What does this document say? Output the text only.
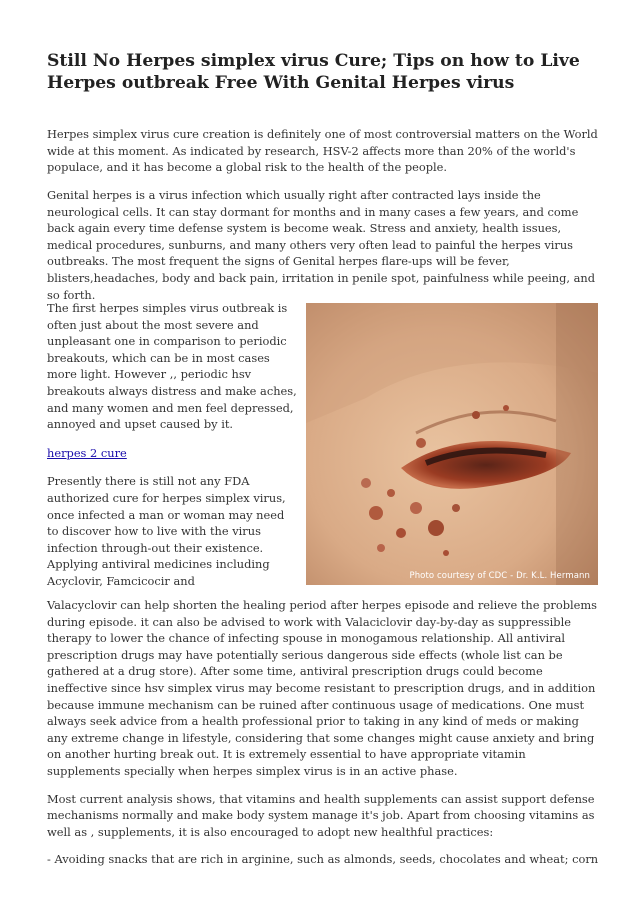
Still No Herpes simplex virus Cure; Tips on how to Live Herpes outbreak Free With Genital Herpes virus

Herpes simplex virus cure creation is definitely one of most controversial matters on the World wide at this moment. As indicated by research, HSV-2 affects more than 20% of the world's populace, and it has become a global risk to the health of the people.

Genital herpes is a virus infection which usually right after contracted lays inside the neurological cells. It can stay dormant for months and in many cases a few years, and come back again every time defense system is become weak. Stress and anxiety, health issues, medical procedures, sunburns, and many others very often lead to painful the herpes virus outbreaks. The most frequent the signs of Genital herpes flare-ups will be fever, blisters,headaches, body and back pain, irritation in penile spot, painfulness while peeing, and so forth.

The first herpes simples virus outbreak is often just about the most severe and unpleasant one in comparison to periodic breakouts, which can be in most cases more light. However ,, periodic hsv breakouts always distress and make aches, and many women and men feel depressed, annoyed and upset caused by it.

herpes 2 cure

Presently there is still not any FDA authorized cure for herpes simplex virus, once infected a man or woman may need to discover how to live with the virus infection through-out their existence. Applying antiviral medicines including Acyclovir, Famcicocir and	Photo courtesy of CDC - Dr. K.L. Hermann

Valacyclovir can help shorten the healing period after herpes episode and relieve the problems during episode. it can also be advised to work with Valaciclovir day-by-day as suppressible therapy to lower the chance of infecting spouse in monogamous relationship. All antiviral prescription drugs may have potentially serious dangerous side effects (whole list can be gathered at a drug store). After some time, antiviral prescription drugs could become ineffective since hsv simplex virus may become resistant to prescription drugs, and in addition because immune mechanism can be ruined after continuous usage of medications. One must always seek advice from a health professional prior to taking in any kind of meds or making any extreme change in lifestyle, considering that some changes might cause anxiety and bring on another hurting break out. It is extremely essential to have appropriate vitamin supplements specially when herpes simplex virus is in an active phase.

Most current analysis shows, that vitamins and health supplements can assist support defense mechanisms normally and make body system manage it's job. Apart from choosing vitamins as well as , supplements, it is also encouraged to adopt new healthful practices:

- Avoiding snacks that are rich in arginine, such as almonds, seeds, chocolates and wheat; corn
